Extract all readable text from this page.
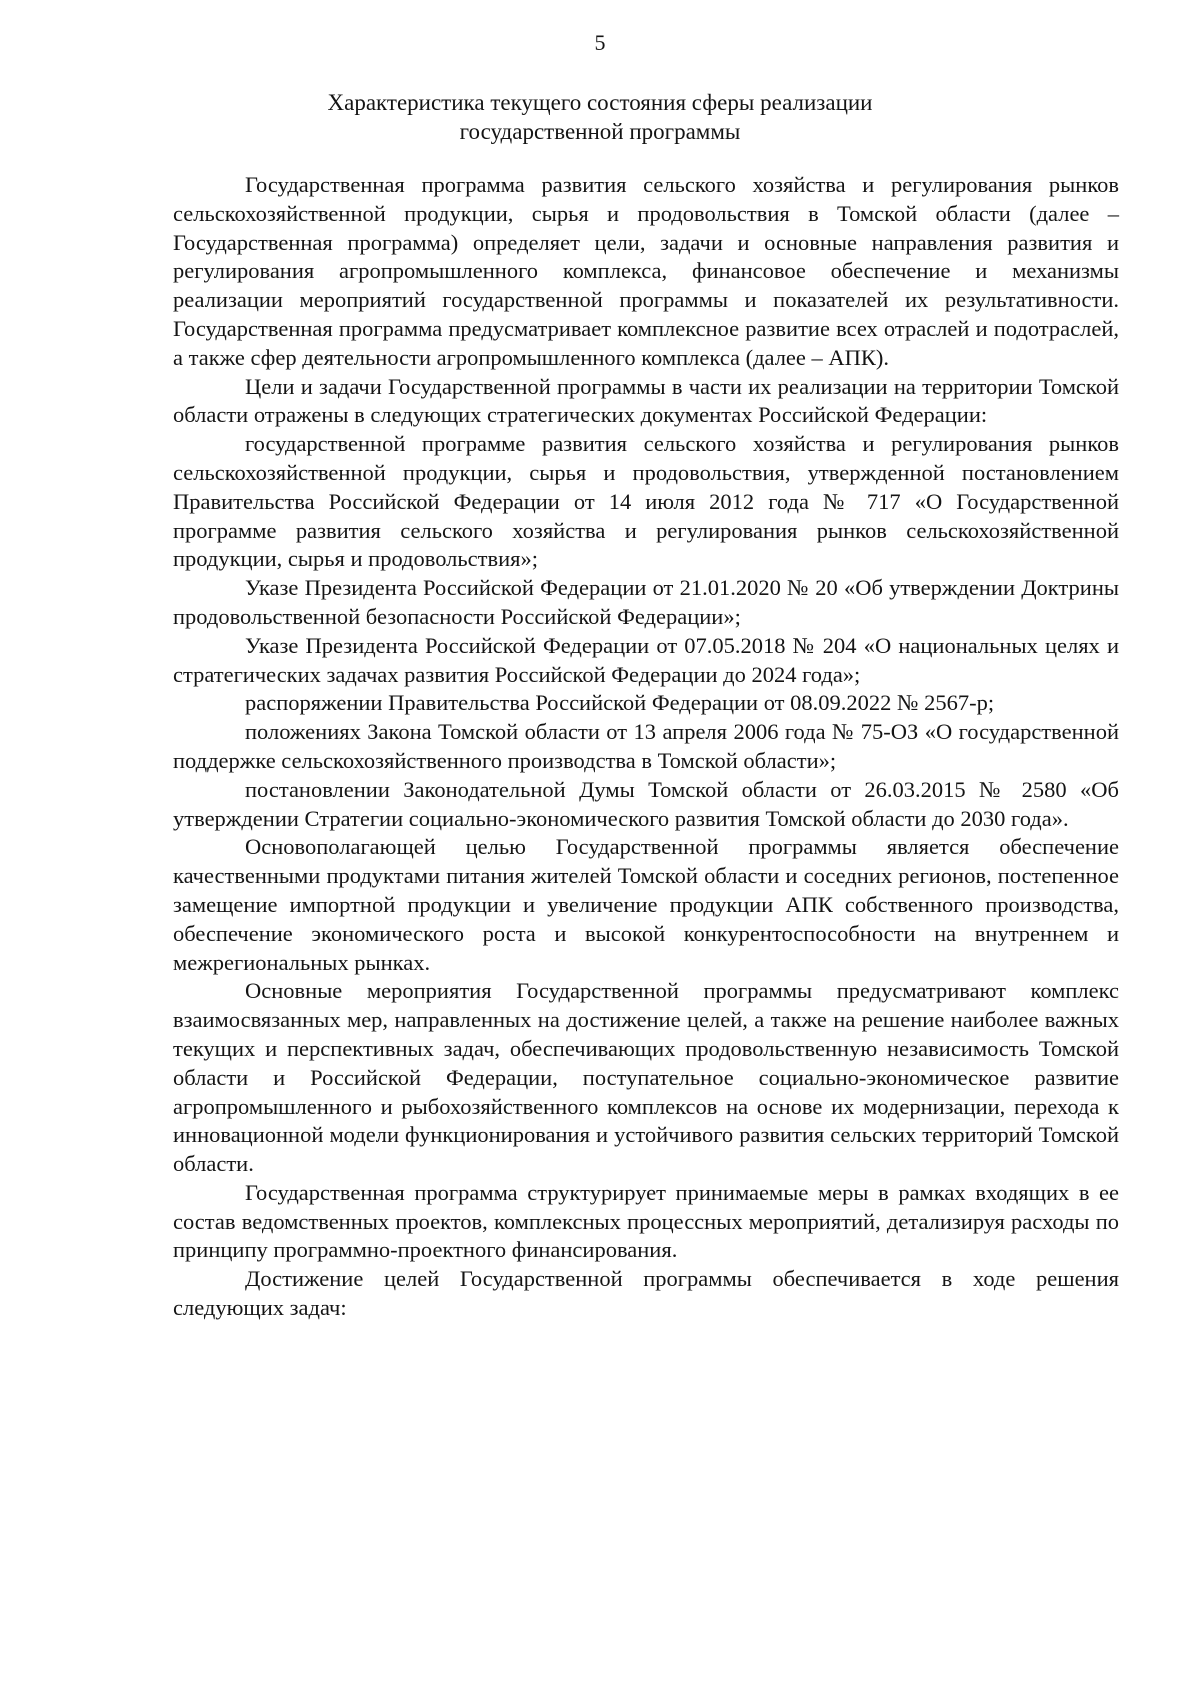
5
Характеристика текущего состояния сферы реализации
государственной программы

Государственная программа развития сельского хозяйства и регулирования рынков сельскохозяйственной продукции, сырья и продовольствия в Томской области (далее – Государственная программа) определяет цели, задачи и основные направления развития и регулирования агропромышленного комплекса, финансовое обеспечение и механизмы реализации мероприятий государственной программы и показателей их результативности. Государственная программа предусматривает комплексное развитие всех отраслей и подотраслей, а также сфер деятельности агропромышленного комплекса (далее – АПК).

Цели и задачи Государственной программы в части их реализации на территории Томской области отражены в следующих стратегических документах Российской Федерации:

государственной программе развития сельского хозяйства и регулирования рынков сельскохозяйственной продукции, сырья и продовольствия, утвержденной постановлением Правительства Российской Федерации от 14 июля 2012 года № 717 «О Государственной программе развития сельского хозяйства и регулирования рынков сельскохозяйственной продукции, сырья и продовольствия»;

Указе Президента Российской Федерации от 21.01.2020 № 20 «Об утверждении Доктрины продовольственной безопасности Российской Федерации»;

Указе Президента Российской Федерации от 07.05.2018 № 204 «О национальных целях и стратегических задачах развития Российской Федерации до 2024 года»;

распоряжении Правительства Российской Федерации от 08.09.2022 № 2567-р;

положениях Закона Томской области от 13 апреля 2006 года № 75-ОЗ «О государственной поддержке сельскохозяйственного производства в Томской области»;

постановлении Законодательной Думы Томской области от 26.03.2015 № 2580 «Об утверждении Стратегии социально-экономического развития Томской области до 2030 года».

Основополагающей целью Государственной программы является обеспечение качественными продуктами питания жителей Томской области и соседних регионов, постепенное замещение импортной продукции и увеличение продукции АПК собственного производства, обеспечение экономического роста и высокой конкурентоспособности на внутреннем и межрегиональных рынках.

Основные мероприятия Государственной программы предусматривают комплекс взаимосвязанных мер, направленных на достижение целей, а также на решение наиболее важных текущих и перспективных задач, обеспечивающих продовольственную независимость Томской области и Российской Федерации, поступательное социально-экономическое развитие агропромышленного и рыбохозяйственного комплексов на основе их модернизации, перехода к инновационной модели функционирования и устойчивого развития сельских территорий Томской области.

Государственная программа структурирует принимаемые меры в рамках входящих в ее состав ведомственных проектов, комплексных процессных мероприятий, детализируя расходы по принципу программно-проектного финансирования.

Достижение целей Государственной программы обеспечивается в ходе решения следующих задач:
